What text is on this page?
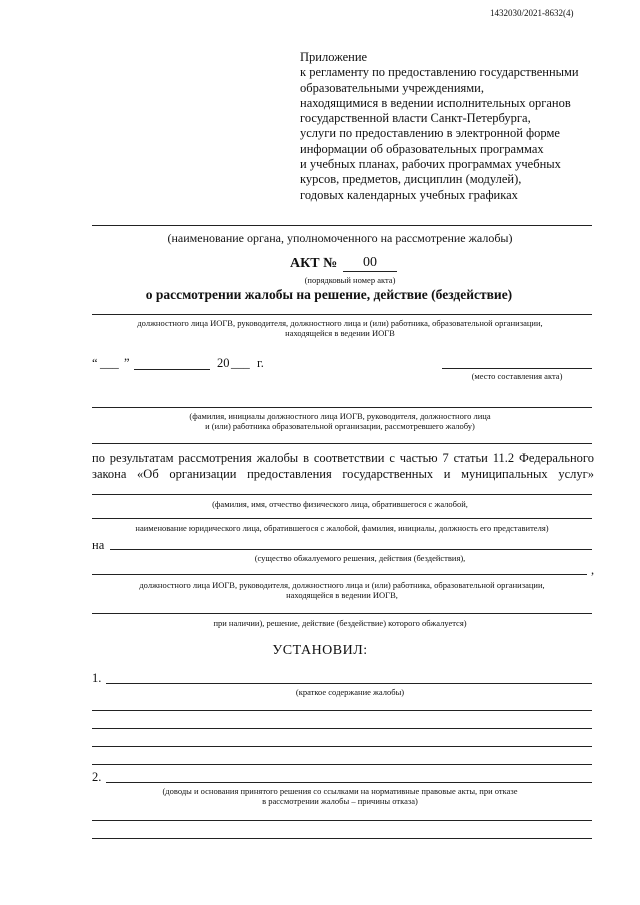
1432030/2021-8632(4)
Приложение
к регламенту по предоставлению государственными
образовательными учреждениями,
находящимися в ведении исполнительных органов
государственной власти Санкт-Петербурга,
услуги по предоставлению в электронной форме
информации об образовательных программах
и учебных планах, рабочих программах учебных
курсов, предметов, дисциплин (модулей),
годовых календарных учебных графиках
(наименование органа, уполномоченного на рассмотрение жалобы)
АКТ №	00
(порядковый номер акта)
о рассмотрении жалобы на решение, действие (бездействие)
должностного лица ИОГВ, руководителя, должностного лица и (или) работника, образовательной организации,
находящейся в ведении ИОГВ
“ ___ ”	20 ___ г.
(место составления акта)
(фамилия, инициалы должностного лица ИОГВ, руководителя, должностного лица
и (или) работника образовательной организации, рассмотревшего жалобу)
по результатам рассмотрения жалобы в соответствии с частью 7 статьи 11.2 Федерального
закона «Об организации предоставления государственных и муниципальных услуг»
(фамилия, имя, отчество физического лица, обратившегося с жалобой,
наименование юридического лица, обратившегося с жалобой, фамилия, инициалы, должность его представителя)
на
(существо обжалуемого решения, действия (бездействия),
,
должностного лица ИОГВ, руководителя, должностного лица и (или) работника, образовательной организации,
находящейся в ведении ИОГВ,
при наличии), решение, действие (бездействие) которого обжалуется)
УСТАНОВИЛ:
1.
(краткое содержание жалобы)
2.
(доводы и основания принятого решения со ссылками на нормативные правовые акты, при отказе
в рассмотрении жалобы – причины отказа)
